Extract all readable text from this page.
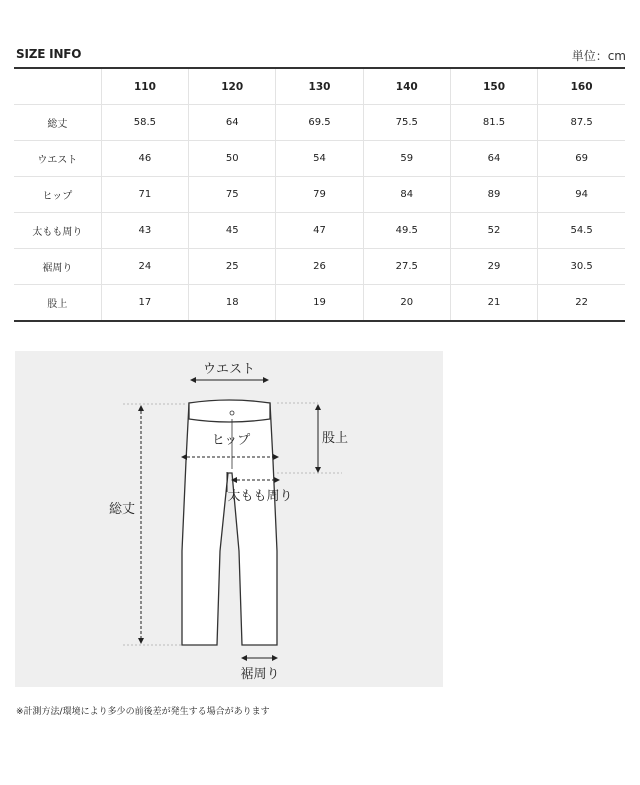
SIZE INFO	単位：cm
	110	120	130	140	150	160
総丈	58.5	64	69.5	75.5	81.5	87.5
ウエスト	46	50	54	59	64	69
ヒップ	71	75	79	84	89	94
太もも周り	43	45	47	49.5	52	54.5
裾周り	24	25	26	27.5	29	30.5
股上	17	18	19	20	21	22
ウエスト
ヒップ	股上
総丈
太もも周り
裾周り
※計測方法/環境により多少の前後差が発生する場合があります
